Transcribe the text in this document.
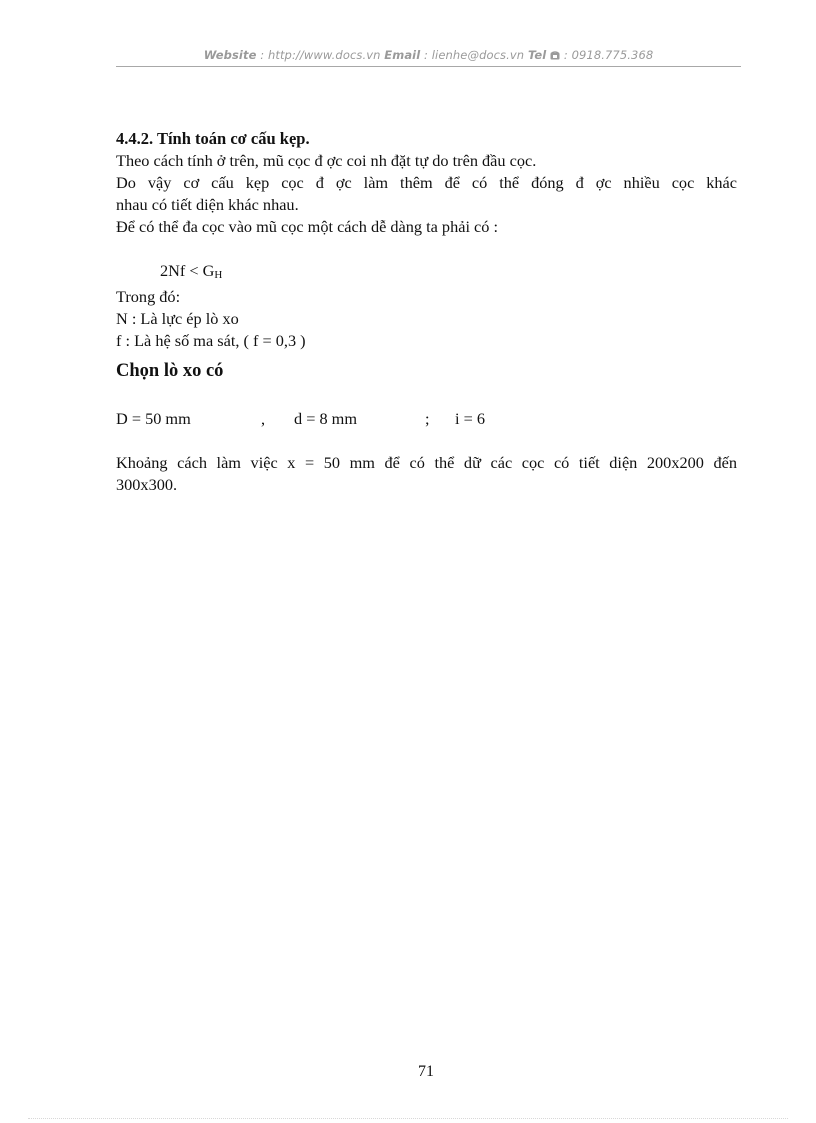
Website : http://www.docs.vn Email : lienhe@docs.vn Tel  : 0918.775.368

4.4.2. Tính toán cơ cấu kẹp.

Theo cách tính ở trên, mũ cọc đ ợc coi nh đặt tự do trên đầu cọc.

Do vậy cơ cấu kẹp cọc đ ợc làm thêm để có thể đóng đ ợc nhiều cọc khác

nhau có tiết diện khác nhau.

Để có thể đa cọc vào mũ cọc một cách dễ dàng ta phải có :

$2Nf < G_H$

Trong đó:

N : Là lực ép lò xo

f : Là hệ số ma sát, ( f = 0,3 )

Chọn lò xo có

D = 50 mm	, d = 8 mm	; i = 6

Khoảng cách làm việc x = 50 mm để có thể dữ các cọc có tiết diện 200x200 đến

300x300.

71
